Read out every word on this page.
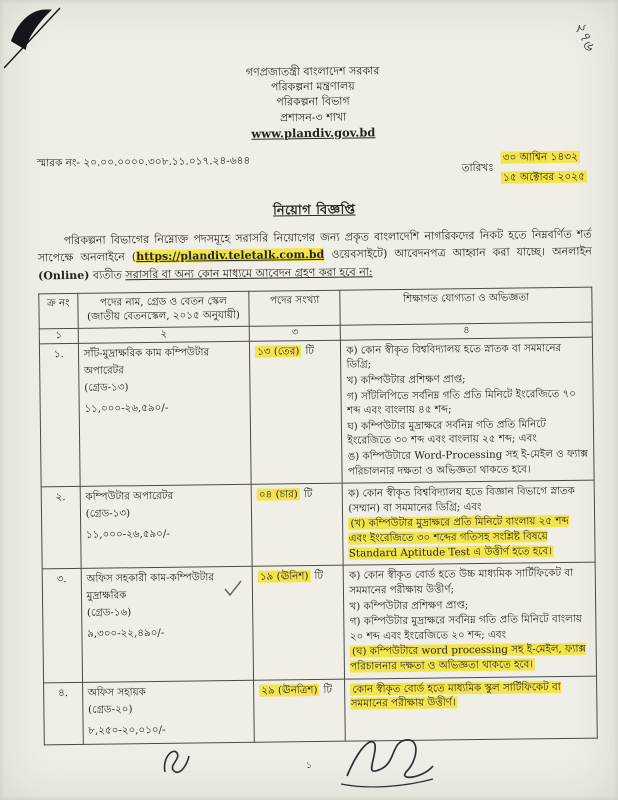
২৭৬
গণপ্রজাতন্ত্রী বাংলাদেশ সরকার
পরিকল্পনা মন্ত্রণালয়
পরিকল্পনা বিভাগ
প্রশাসন-৩ শাখা
www.plandiv.gov.bd
স্মারক নং- ২০.০০.০০০০.৩০৮.১১.০১৭.২৪-৬৪৪	তারিখঃ
৩০ আশ্বিন ১৪৩২
১৫ অক্টোবর ২০২৫
নিয়োগ বিজ্ঞপ্তি

পরিকল্পনা বিভাগের নিম্নোক্ত পদসমূহে সরাসরি নিয়োগের জন্য প্রকৃত বাংলাদেশি নাগরিকদের নিকট হতে নিম্নবর্ণিত শর্ত সাপেক্ষে অনলাইনে (https://plandiv.teletalk.com.bd ওয়েবসাইটে) আবেদনপত্র আহ্বান করা যাচ্ছে। অনলাইন (Online) ব্যতীত সরাসরি বা অন্য কোন মাধ্যমে আবেদন গ্রহণ করা হবে না:

ক্র নং	পদের নাম, গ্রেড ও বেতন স্কেল
(জাতীয় বেতনস্কেল, ২০১৫ অনুযায়ী)	পদের সংখ্যা	শিক্ষাগত যোগ্যতা ও অভিজ্ঞতা
১	২	৩	৪
১.	সাঁট-মুদ্রাক্ষরিক কাম কম্পিউটার অপারেটর
(গ্রেড-১৩)
১১,০০০-২৬,৫৯০/-
	১৩ (তের) টি	ক) কোন স্বীকৃত বিশ্ববিদ্যালয় হতে স্নাতক বা সমমানের ডিগ্রি;
খ) কম্পিউটার প্রশিক্ষণ প্রাপ্ত;
গ) সাঁটলিপিতে সর্বনিম্ন গতি প্রতি মিনিটে ইংরেজিতে ৭০ শব্দ এবং বাংলায় ৪৫ শব্দ;
ঘ) কম্পিউটার মুদ্রাক্ষরে সর্বনিম্ন গতি প্রতি মিনিটে ইংরেজিতে ৩০ শব্দ এবং বাংলায় ২৫ শব্দ; এবং
ঙ) কম্পিউটারে Word-Processing সহ ই-মেইল ও ফ্যাক্স পরিচালনার দক্ষতা ও অভিজ্ঞতা থাকতে হবে।

২.	কম্পিউটার অপারেটর
(গ্রেড-১৩)
১১,০০০-২৬,৫৯০/-
	০৪ (চার) টি	ক) কোন স্বীকৃত বিশ্ববিদ্যালয় হতে বিজ্ঞান বিভাগে স্নাতক (সম্মান) বা সমমানের ডিগ্রি; এবং
(খ) কম্পিউটার মুদ্রাক্ষরে প্রতি মিনিটে বাংলায় ২৫ শব্দ এবং ইংরেজিতে ৩০ শব্দের গতিসহ সংশ্লিষ্ট বিষয়ে Standard Aptitude Test এ উত্তীর্ণ হতে হবে।

৩.	অফিস সহকারী কাম-কম্পিউটার মুদ্রাক্ষরিক
(গ্রেড-১৬)
৯,৩০০-২২,৪৯০/-
	১৯ (ঊনিশ) টি	ক) কোন স্বীকৃত বোর্ড হতে উচ্চ মাধ্যমিক সার্টিফিকেট বা সমমানের পরীক্ষায় উত্তীর্ণ;
খ) কম্পিউটার প্রশিক্ষণ প্রাপ্ত;
গ) কম্পিউটার মুদ্রাক্ষরে সর্বনিম্ন গতি প্রতি মিনিটে বাংলায় ২০ শব্দ এবং ইংরেজিতে ২০ শব্দ; এবং
(ঘ) কম্পিউটারে word processing সহ ই-মেইল, ফ্যাক্স পরিচালনার দক্ষতা ও অভিজ্ঞতা থাকতে হবে।

৪.	অফিস সহায়ক
(গ্রেড-২০)
৮,২৫০-২০,০১০/-	২৯ (ঊনত্রিশ) টি	কোন স্বীকৃত বোর্ড হতে মাধ্যমিক স্কুল সার্টিফিকেট বা সমমানের পরীক্ষায় উত্তীর্ণ।
১
